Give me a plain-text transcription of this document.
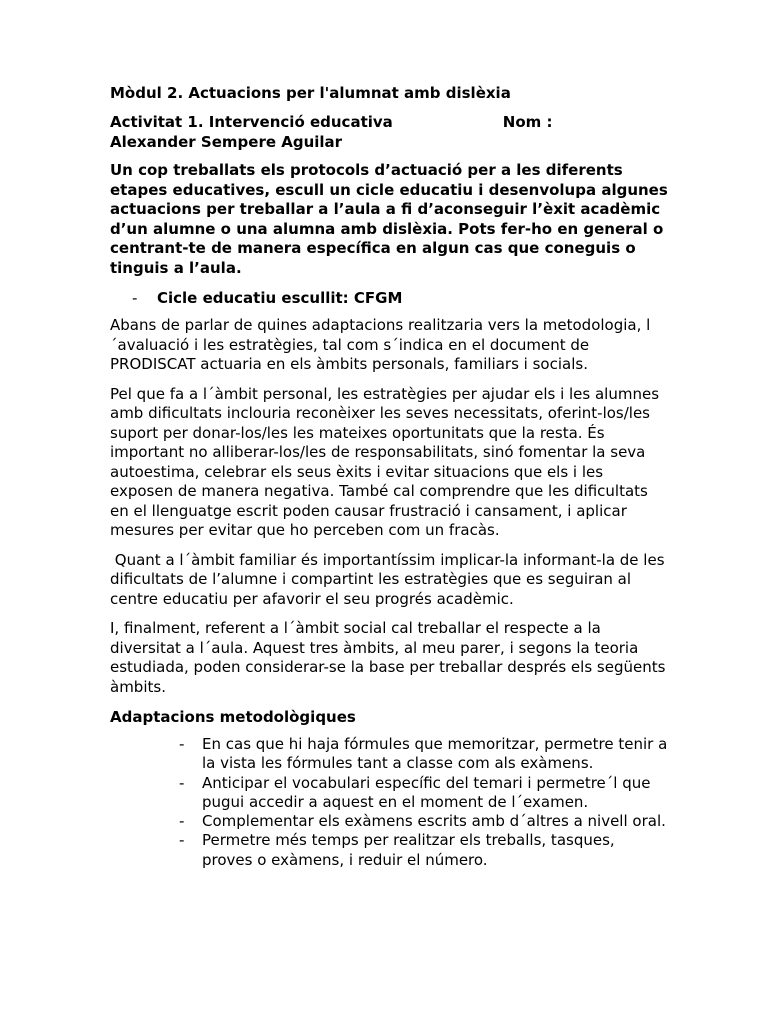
Mòdul 2. Actuacions per l'alumnat amb dislèxia
Activitat 1. Intervenció educativa	Nom :
Alexander Sempere Aguilar
Un cop treballats els protocols d’actuació per a les diferents etapes educatives, escull un cicle educatiu i desenvolupa algunes actuacions per treballar a l’aula a fi d’aconseguir l’èxit acadèmic d’un alumne o una alumna amb dislèxia. Pots fer-ho en general o centrant-te de manera específica en algun cas que coneguis o tinguis a l’aula.
- Cicle educatiu escullit: CFGM
Abans de parlar de quines adaptacions realitzaria vers la metodologia, l´avaluació i les estratègies, tal com s´indica en el document de PRODISCAT actuaria en els àmbits personals, familiars i socials.
Pel que fa a l´àmbit personal, les estratègies per ajudar els i les alumnes amb dificultats inclouria reconèixer les seves necessitats, oferint-los/les suport per donar-los/les les mateixes oportunitats que la resta. És important no alliberar-los/les de responsabilitats, sinó fomentar la seva autoestima, celebrar els seus èxits i evitar situacions que els i les exposen de manera negativa. També cal comprendre que les dificultats en el llenguatge escrit poden causar frustració i cansament, i aplicar mesures per evitar que ho perceben com un fracàs.
Quant a l´àmbit familiar és importantíssim implicar-la informant-la de les dificultats de l’alumne i compartint les estratègies que es seguiran al centre educatiu per afavorir el seu progrés acadèmic.
I, finalment, referent a l´àmbit social cal treballar el respecte a la diversitat a l´aula. Aquest tres àmbits, al meu parer, i segons la teoria estudiada, poden considerar-se la base per treballar després els següents àmbits.
Adaptacions metodològiques
- En cas que hi haja fórmules que memoritzar, permetre tenir a la vista les fórmules tant a classe com als exàmens.
- Anticipar el vocabulari específic del temari i permetre´l que pugui accedir a aquest en el moment de l´examen.
- Complementar els exàmens escrits amb d´altres a nivell oral.
- Permetre més temps per realitzar els treballs, tasques, proves o exàmens, i reduir el número.
